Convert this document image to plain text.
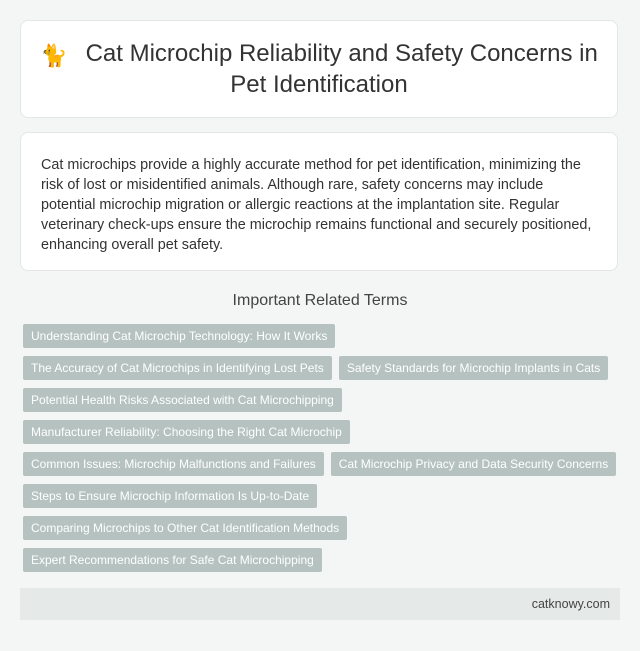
🐈 Cat Microchip Reliability and Safety Concerns in Pet Identification

Cat microchips provide a highly accurate method for pet identification, minimizing the risk of lost or misidentified animals. Although rare, safety concerns may include potential microchip migration or allergic reactions at the implantation site. Regular veterinary check-ups ensure the microchip remains functional and securely positioned, enhancing overall pet safety.

Important Related Terms
Understanding Cat Microchip Technology: How It Works
The Accuracy of Cat Microchips in Identifying Lost Pets	Safety Standards for Microchip Implants in Cats
Potential Health Risks Associated with Cat Microchipping
Manufacturer Reliability: Choosing the Right Cat Microchip
Common Issues: Microchip Malfunctions and Failures	Cat Microchip Privacy and Data Security Concerns
Steps to Ensure Microchip Information Is Up-to-Date
Comparing Microchips to Other Cat Identification Methods
Expert Recommendations for Safe Cat Microchipping
catknowy.com
